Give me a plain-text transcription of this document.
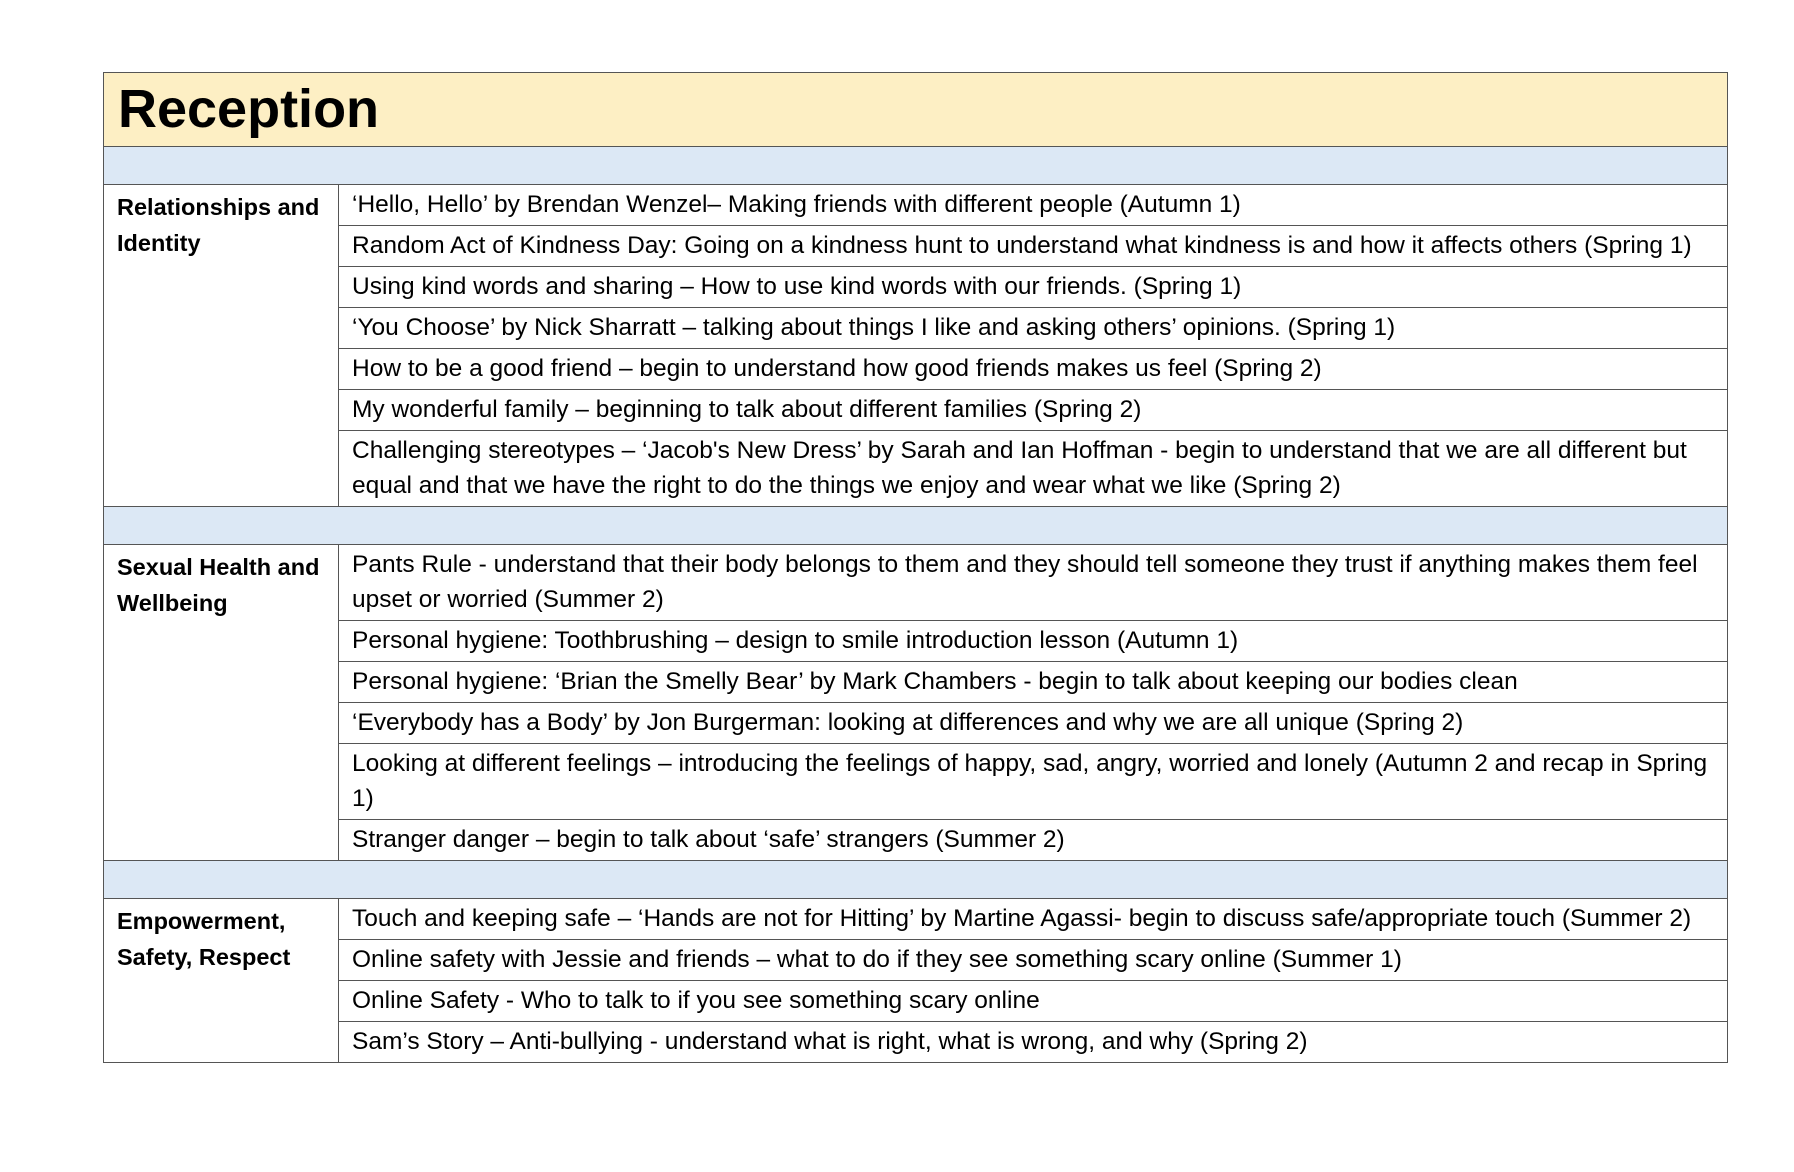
Reception	

Relationships and Identity	‘Hello, Hello’ by Brendan Wenzel– Making friends with different people (Autumn 1)
	Random Act of Kindness Day: Going on a kindness hunt to understand what kindness is and how it affects others (Spring 1)
	Using kind words and sharing – How to use kind words with our friends. (Spring 1)
	‘You Choose’ by Nick Sharratt – talking about things I like and asking others’ opinions. (Spring 1)
	How to be a good friend – begin to understand how good friends makes us feel (Spring 2)
	My wonderful family – beginning to talk about different families (Spring 2)
	Challenging stereotypes – ‘Jacob's New Dress’ by Sarah and Ian Hoffman - begin to understand that we are all different but equal and that we have the right to do the things we enjoy and wear what we like (Spring 2)

Sexual Health and Wellbeing	Pants Rule - understand that their body belongs to them and they should tell someone they trust if anything makes them feel upset or worried (Summer 2)
	Personal hygiene: Toothbrushing – design to smile introduction lesson (Autumn 1)
	Personal hygiene: ‘Brian the Smelly Bear’ by Mark Chambers - begin to talk about keeping our bodies clean
	‘Everybody has a Body’ by Jon Burgerman: looking at differences and why we are all unique (Spring 2)
	Looking at different feelings – introducing the feelings of happy, sad, angry, worried and lonely (Autumn 2 and recap in Spring 1)
	Stranger danger – begin to talk about ‘safe’ strangers (Summer 2)

Empowerment, Safety, Respect	Touch and keeping safe – ‘Hands are not for Hitting’ by Martine Agassi- begin to discuss safe/appropriate touch (Summer 2)
	Online safety with Jessie and friends – what to do if they see something scary online (Summer 1)
	Online Safety - Who to talk to if you see something scary online
	Sam’s Story – Anti-bullying - understand what is right, what is wrong, and why (Spring 2)
